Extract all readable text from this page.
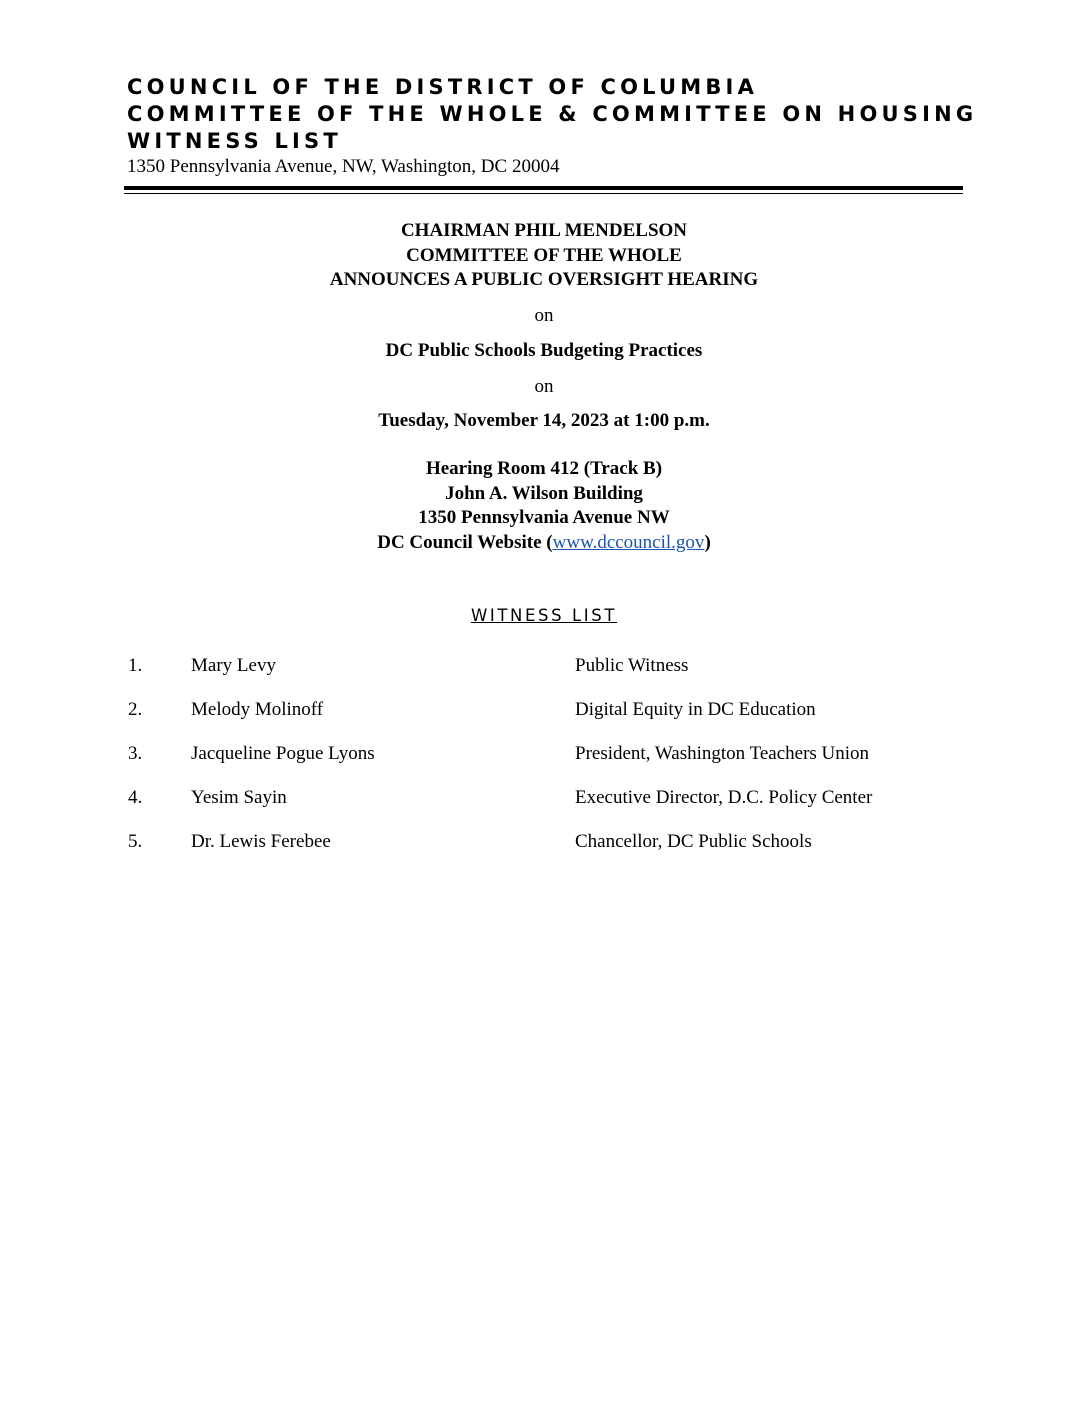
COUNCIL OF THE DISTRICT OF COLUMBIA
COMMITTEE OF THE WHOLE & COMMITTEE ON HOUSING
WITNESS LIST
1350 Pennsylvania Avenue, NW, Washington, DC 20004
CHAIRMAN PHIL MENDELSON
COMMITTEE OF THE WHOLE
ANNOUNCES A PUBLIC OVERSIGHT HEARING
on
DC Public Schools Budgeting Practices
on
Tuesday, November 14, 2023 at 1:00 p.m.
Hearing Room 412 (Track B)
John A. Wilson Building
1350 Pennsylvania Avenue NW
DC Council Website (www.dccouncil.gov)
WITNESS LIST
1.	Mary Levy	Public Witness
2.	Melody Molinoff	Digital Equity in DC Education
3.	Jacqueline Pogue Lyons	President, Washington Teachers Union
4.	Yesim Sayin	Executive Director, D.C. Policy Center
5.	Dr. Lewis Ferebee	Chancellor, DC Public Schools
